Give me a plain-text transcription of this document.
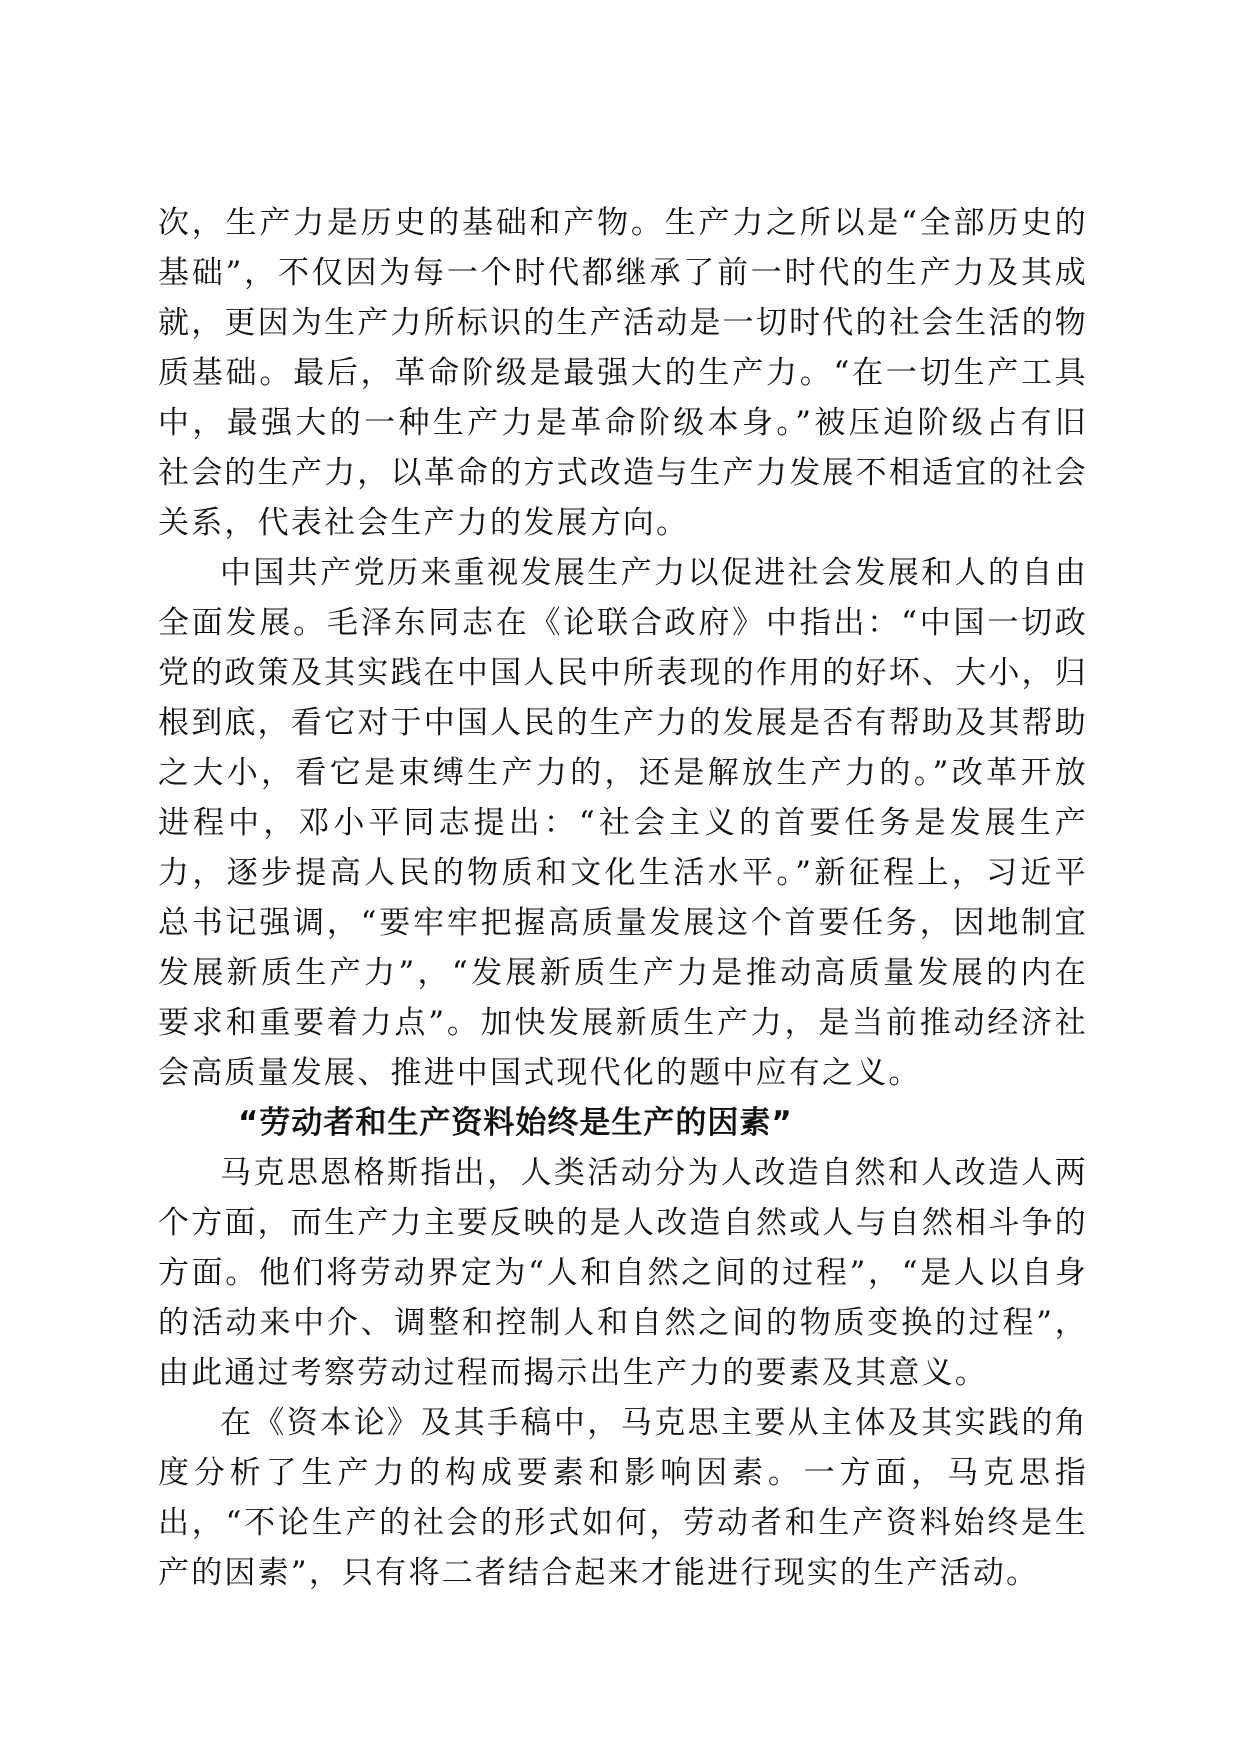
次，生产力是历史的基础和产物。生产力之所以是“全部历史的基础”，不仅因为每一个时代都继承了前一时代的生产力及其成就，更因为生产力所标识的生产活动是一切时代的社会生活的物质基础。最后，革命阶级是最强大的生产力。“在一切生产工具中，最强大的一种生产力是革命阶级本身。”被压迫阶级占有旧社会的生产力，以革命的方式改造与生产力发展不相适宜的社会关系，代表社会生产力的发展方向。

中国共产党历来重视发展生产力以促进社会发展和人的自由全面发展。毛泽东同志在《论联合政府》中指出：“中国一切政党的政策及其实践在中国人民中所表现的作用的好坏、大小，归根到底，看它对于中国人民的生产力的发展是否有帮助及其帮助之大小，看它是束缚生产力的，还是解放生产力的。”改革开放进程中，邓小平同志提出：“社会主义的首要任务是发展生产力，逐步提高人民的物质和文化生活水平。”新征程上，习近平总书记强调，“要牢牢把握高质量发展这个首要任务，因地制宜发展新质生产力”，“发展新质生产力是推动高质量发展的内在要求和重要着力点”。加快发展新质生产力，是当前推动经济社会高质量发展、推进中国式现代化的题中应有之义。

“劳动者和生产资料始终是生产的因素”

马克思恩格斯指出，人类活动分为人改造自然和人改造人两个方面，而生产力主要反映的是人改造自然或人与自然相斗争的方面。他们将劳动界定为“人和自然之间的过程”，“是人以自身的活动来中介、调整和控制人和自然之间的物质变换的过程”，由此通过考察劳动过程而揭示出生产力的要素及其意义。

在《资本论》及其手稿中，马克思主要从主体及其实践的角度分析了生产力的构成要素和影响因素。一方面，马克思指出，“不论生产的社会的形式如何，劳动者和生产资料始终是生产的因素”，只有将二者结合起来才能进行现实的生产活动。
